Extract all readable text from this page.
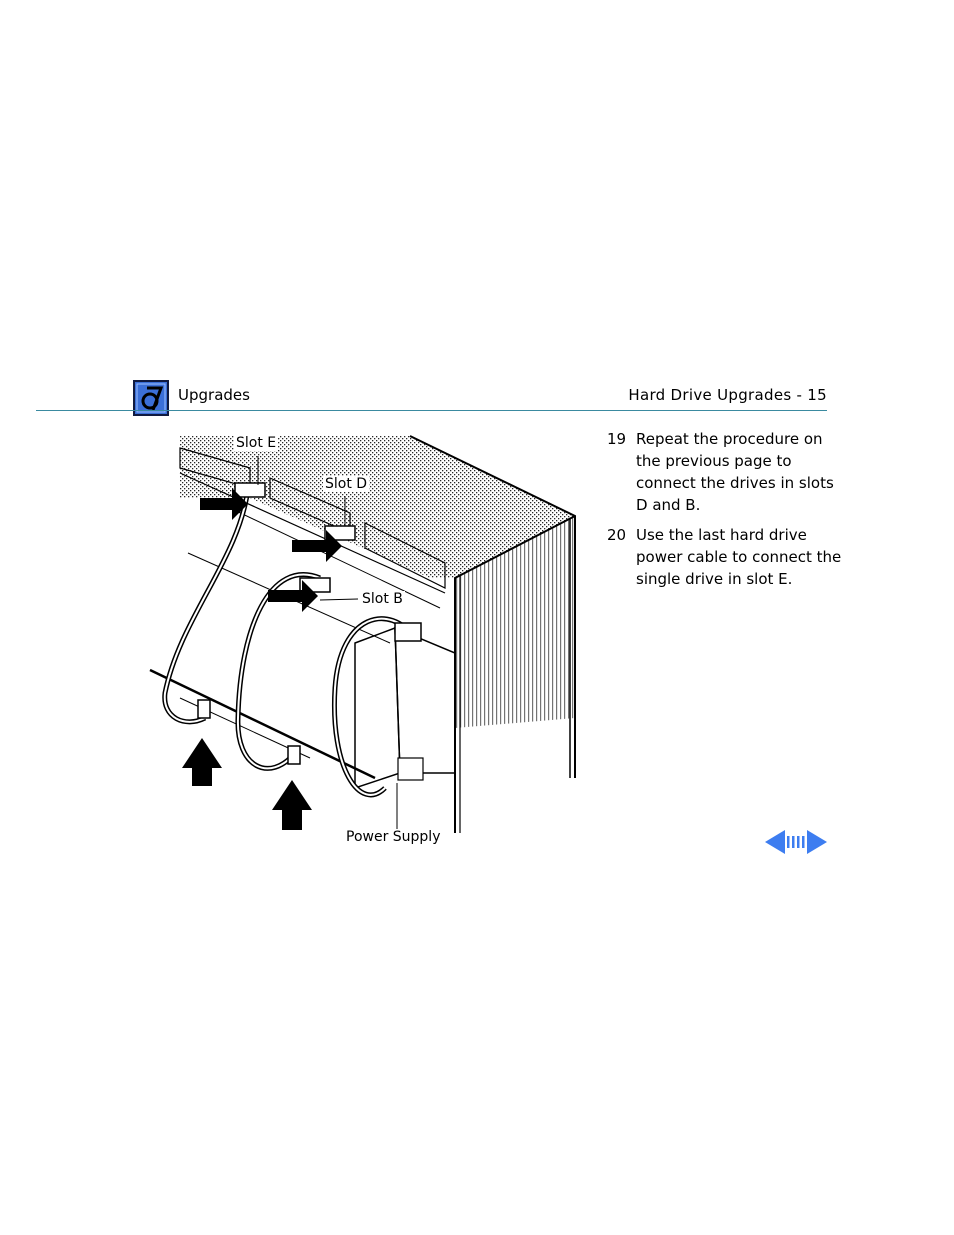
Upgrades	Hard Drive Upgrades - 15
Slot E
Slot D
Slot B
Power Supply
19 Repeat the procedure on the previous page to connect the drives in slots D and B.
20 Use the last hard drive power cable to connect the single drive in slot E.
